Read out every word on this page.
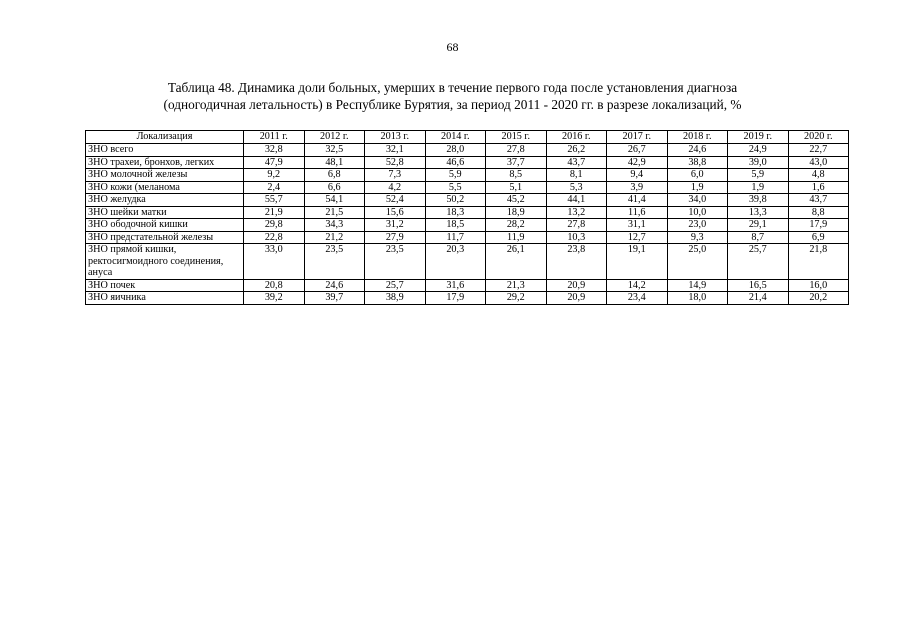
68
Таблица 48. Динамика доли больных, умерших в течение первого года после установления диагноза
(одногодичная летальность) в Республике Бурятия, за период 2011 - 2020 гг. в разрезе локализаций, %
Локализация	2011 г.	2012 г.	2013 г.	2014 г.	2015 г.	2016 г.	2017 г.	2018 г.	2019 г.	2020 г.
ЗНО всего	32,8	32,5	32,1	28,0	27,8	26,2	26,7	24,6	24,9	22,7
ЗНО трахеи, бронхов, легких	47,9	48,1	52,8	46,6	37,7	43,7	42,9	38,8	39,0	43,0
ЗНО молочной железы	9,2	6,8	7,3	5,9	8,5	8,1	9,4	6,0	5,9	4,8
ЗНО кожи (меланома	2,4	6,6	4,2	5,5	5,1	5,3	3,9	1,9	1,9	1,6
ЗНО желудка	55,7	54,1	52,4	50,2	45,2	44,1	41,4	34,0	39,8	43,7
ЗНО шейки матки	21,9	21,5	15,6	18,3	18,9	13,2	11,6	10,0	13,3	8,8
ЗНО ободочной кишки	29,8	34,3	31,2	18,5	28,2	27,8	31,1	23,0	29,1	17,9
ЗНО предстательной железы	22,8	21,2	27,9	11,7	11,9	10,3	12,7	9,3	8,7	6,9
ЗНО прямой кишки, ректосигмоидного соединения, ануса	33,0	23,5	23,5	20,3	26,1	23,8	19,1	25,0	25,7	21,8
ЗНО почек	20,8	24,6	25,7	31,6	21,3	20,9	14,2	14,9	16,5	16,0
ЗНО яичника	39,2	39,7	38,9	17,9	29,2	20,9	23,4	18,0	21,4	20,2
